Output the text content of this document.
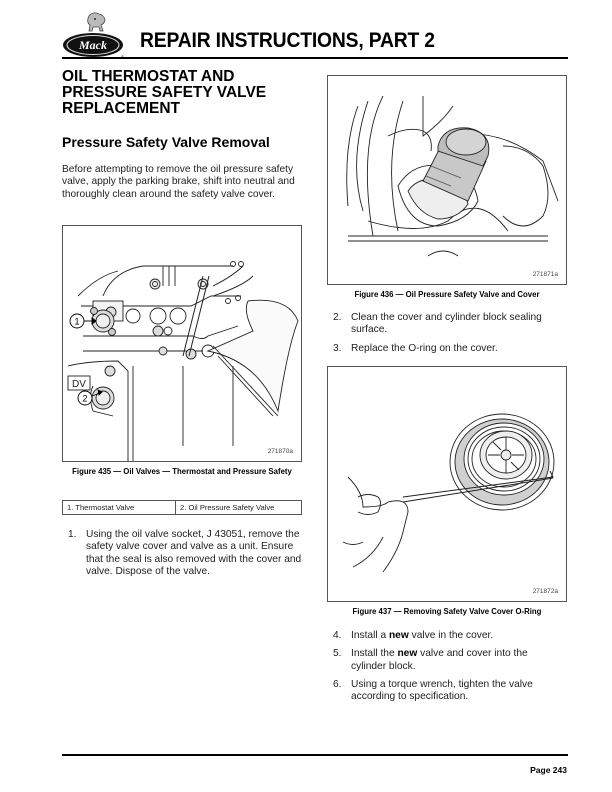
Mack REPAIR INSTRUCTIONS, PART 2
OIL THERMOSTAT AND
PRESSURE SAFETY VALVE
REPLACEMENT
Pressure Safety Valve Removal

Before attempting to remove the oil pressure safety valve, apply the parking brake, shift into neutral and thoroughly clean around the safety valve cover.

DV
1
2
271870a
Figure 435 — Oil Valves — Thermostat and Pressure Safety
1. Thermostat Valve	2. Oil Pressure Safety Valve
1. Using the oil valve socket, J 43051, remove the safety valve cover and valve as a unit. Ensure that the seal is also removed with the cover and valve. Dispose of the valve.
271871a
Figure 436 — Oil Pressure Safety Valve and Cover
2. Clean the cover and cylinder block sealing surface.
3. Replace the O-ring on the cover.
271872a
Figure 437 — Removing Safety Valve Cover O-Ring
4. Install a new valve in the cover.
5. Install the new valve and cover into the cylinder block.
6. Using a torque wrench, tighten the valve according to specification.
Page 243
